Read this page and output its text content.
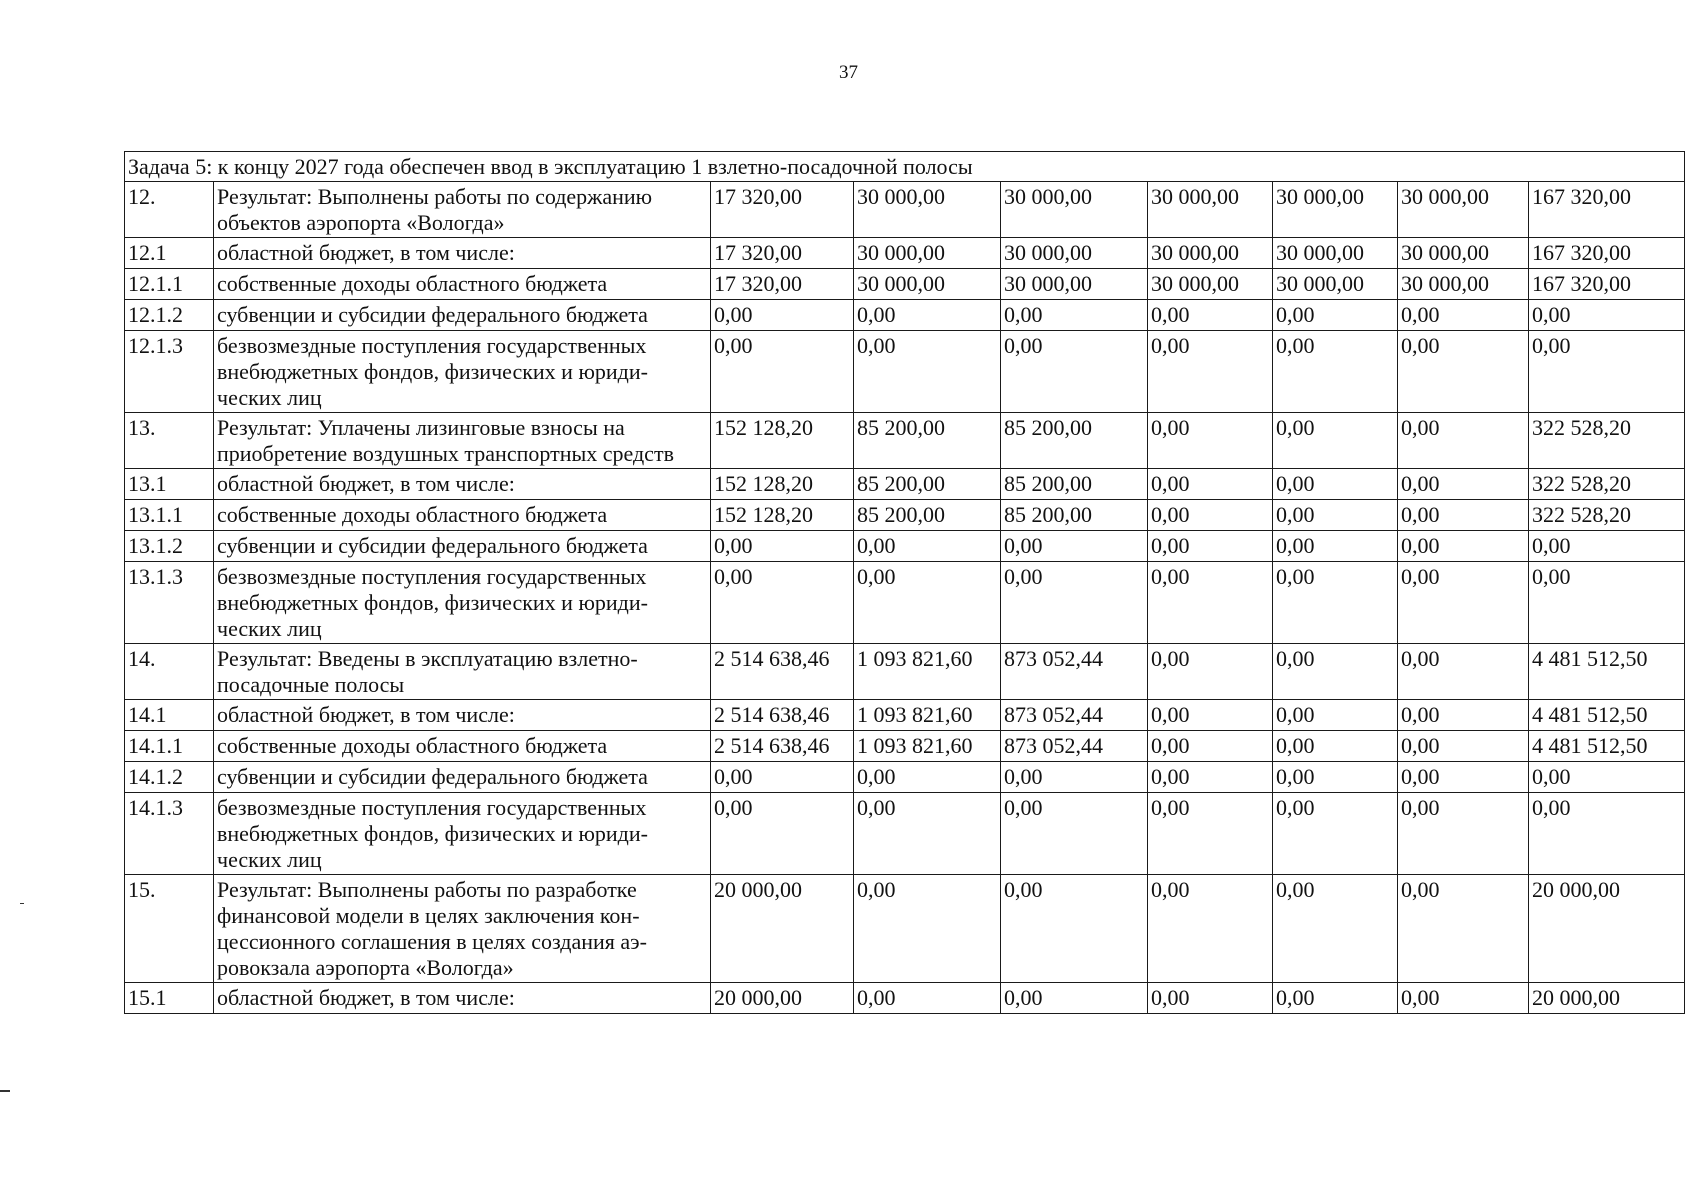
37
Задача 5: к концу 2027 года обеспечен ввод в эксплуатацию 1 взлетно-посадочной полосы								
12.	Результат: Выполнены работы по содержанию объектов аэропорта «Вологда»	17 320,00	30 000,00	30 000,00	30 000,00	30 000,00	30 000,00	167 320,00
12.1	областной бюджет, в том числе:	17 320,00	30 000,00	30 000,00	30 000,00	30 000,00	30 000,00	167 320,00
12.1.1	собственные доходы областного бюджета	17 320,00	30 000,00	30 000,00	30 000,00	30 000,00	30 000,00	167 320,00
12.1.2	субвенции и субсидии федерального бюджета	0,00	0,00	0,00	0,00	0,00	0,00	0,00
12.1.3	безвозмездные поступления государственных внебюджетных фондов, физических и юриди-ческих лиц	0,00	0,00	0,00	0,00	0,00	0,00	0,00
13.	Результат: Уплачены лизинговые взносы на приобретение воздушных транспортных средств	152 128,20	85 200,00	85 200,00	0,00	0,00	0,00	322 528,20
13.1	областной бюджет, в том числе:	152 128,20	85 200,00	85 200,00	0,00	0,00	0,00	322 528,20
13.1.1	собственные доходы областного бюджета	152 128,20	85 200,00	85 200,00	0,00	0,00	0,00	322 528,20
13.1.2	субвенции и субсидии федерального бюджета	0,00	0,00	0,00	0,00	0,00	0,00	0,00
13.1.3	безвозмездные поступления государственных внебюджетных фондов, физических и юриди-ческих лиц	0,00	0,00	0,00	0,00	0,00	0,00	0,00
14.	Результат: Введены в эксплуатацию взлетно-посадочные полосы	2 514 638,46	1 093 821,60	873 052,44	0,00	0,00	0,00	4 481 512,50
14.1	областной бюджет, в том числе:	2 514 638,46	1 093 821,60	873 052,44	0,00	0,00	0,00	4 481 512,50
14.1.1	собственные доходы областного бюджета	2 514 638,46	1 093 821,60	873 052,44	0,00	0,00	0,00	4 481 512,50
14.1.2	субвенции и субсидии федерального бюджета	0,00	0,00	0,00	0,00	0,00	0,00	0,00
14.1.3	безвозмездные поступления государственных внебюджетных фондов, физических и юриди-ческих лиц	0,00	0,00	0,00	0,00	0,00	0,00	0,00
15.	Результат: Выполнены работы по разработке финансовой модели в целях заключения кон-цессионного соглашения в целях создания аэ-ровокзала аэропорта «Вологда»	20 000,00	0,00	0,00	0,00	0,00	0,00	20 000,00
15.1	областной бюджет, в том числе:	20 000,00	0,00	0,00	0,00	0,00	0,00	20 000,00
